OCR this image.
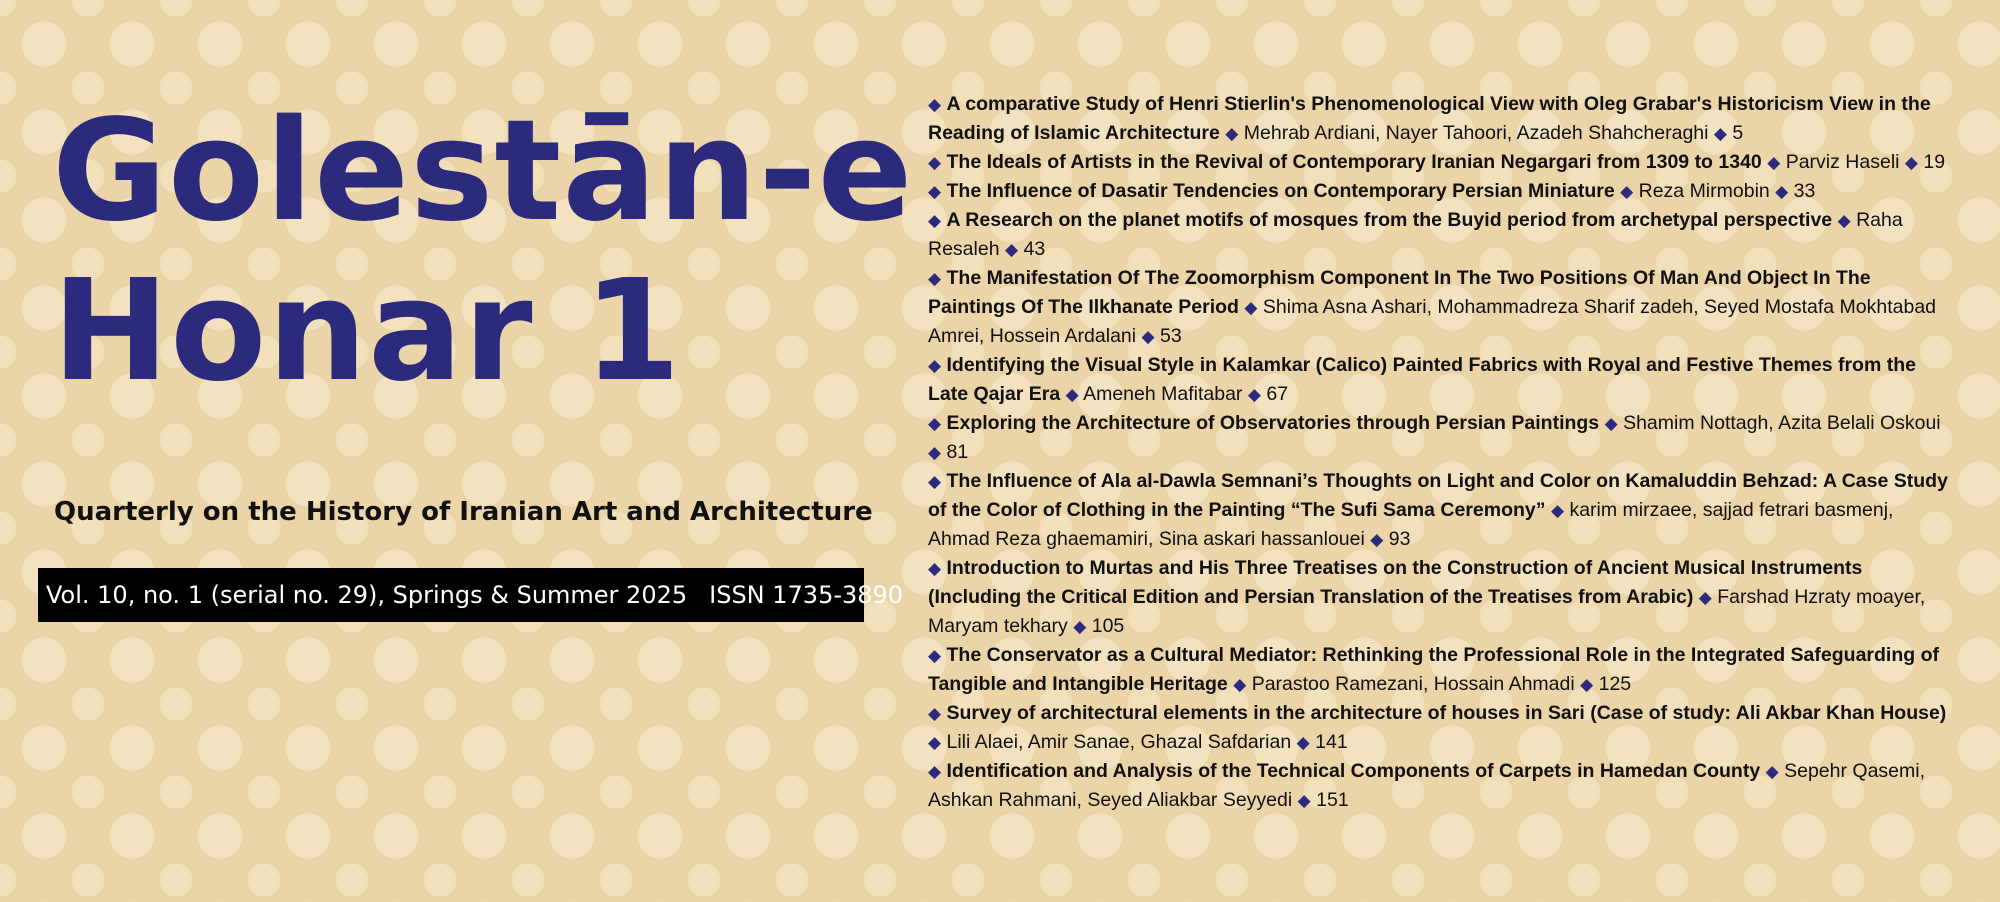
Golestān-e
Honar 1

Quarterly on the History of Iranian Art and Architecture

Vol. 10, no. 1 (serial no. 29), Springs & Summer 2025 ISSN 1735-3890

◆ A comparative Study of Henri Stierlin's Phenomenological View with Oleg Grabar's Historicism View in the Reading of Islamic Architecture ◆ Mehrab Ardiani, Nayer Tahoori, Azadeh Shahcheraghi ◆ 5

◆ The Ideals of Artists in the Revival of Contemporary Iranian Negargari from 1309 to 1340 ◆ Parviz Haseli ◆ 19

◆ The Influence of Dasatir Tendencies on Contemporary Persian Miniature ◆ Reza Mirmobin ◆ 33

◆ A Research on the planet motifs of mosques from the Buyid period from archetypal perspective ◆ Raha Resaleh ◆ 43

◆ The Manifestation Of The Zoomorphism Component In The Two Positions Of Man And Object In The Paintings Of The Ilkhanate Period ◆ Shima Asna Ashari, Mohammadreza Sharif zadeh, Seyed Mostafa Mokhtabad Amrei, Hossein Ardalani ◆ 53

◆ Identifying the Visual Style in Kalamkar (Calico) Painted Fabrics with Royal and Festive Themes from the Late Qajar Era ◆ Ameneh Mafitabar ◆ 67

◆ Exploring the Architecture of Observatories through Persian Paintings ◆ Shamim Nottagh, Azita Belali Oskoui ◆ 81

◆ The Influence of Ala al-Dawla Semnani’s Thoughts on Light and Color on Kamaluddin Behzad: A Case Study of the Color of Clothing in the Painting “The Sufi Sama Ceremony” ◆ karim mirzaee, sajjad fetrari basmenj, Ahmad Reza ghaemamiri, Sina askari hassanlouei ◆ 93

◆ Introduction to Murtas and His Three Treatises on the Construction of Ancient Musical Instruments (Including the Critical Edition and Persian Translation of the Treatises from Arabic) ◆ Farshad Hzraty moayer, Maryam tekhary ◆ 105

◆ The Conservator as a Cultural Mediator: Rethinking the Professional Role in the Integrated Safeguarding of Tangible and Intangible Heritage ◆ Parastoo Ramezani, Hossain Ahmadi ◆ 125

◆ Survey of architectural elements in the architecture of houses in Sari (Case of study: Ali Akbar Khan House) ◆ Lili Alaei, Amir Sanae, Ghazal Safdarian ◆ 141

◆ Identification and Analysis of the Technical Components of Carpets in Hamedan County ◆ Sepehr Qasemi, Ashkan Rahmani, Seyed Aliakbar Seyyedi ◆ 151
